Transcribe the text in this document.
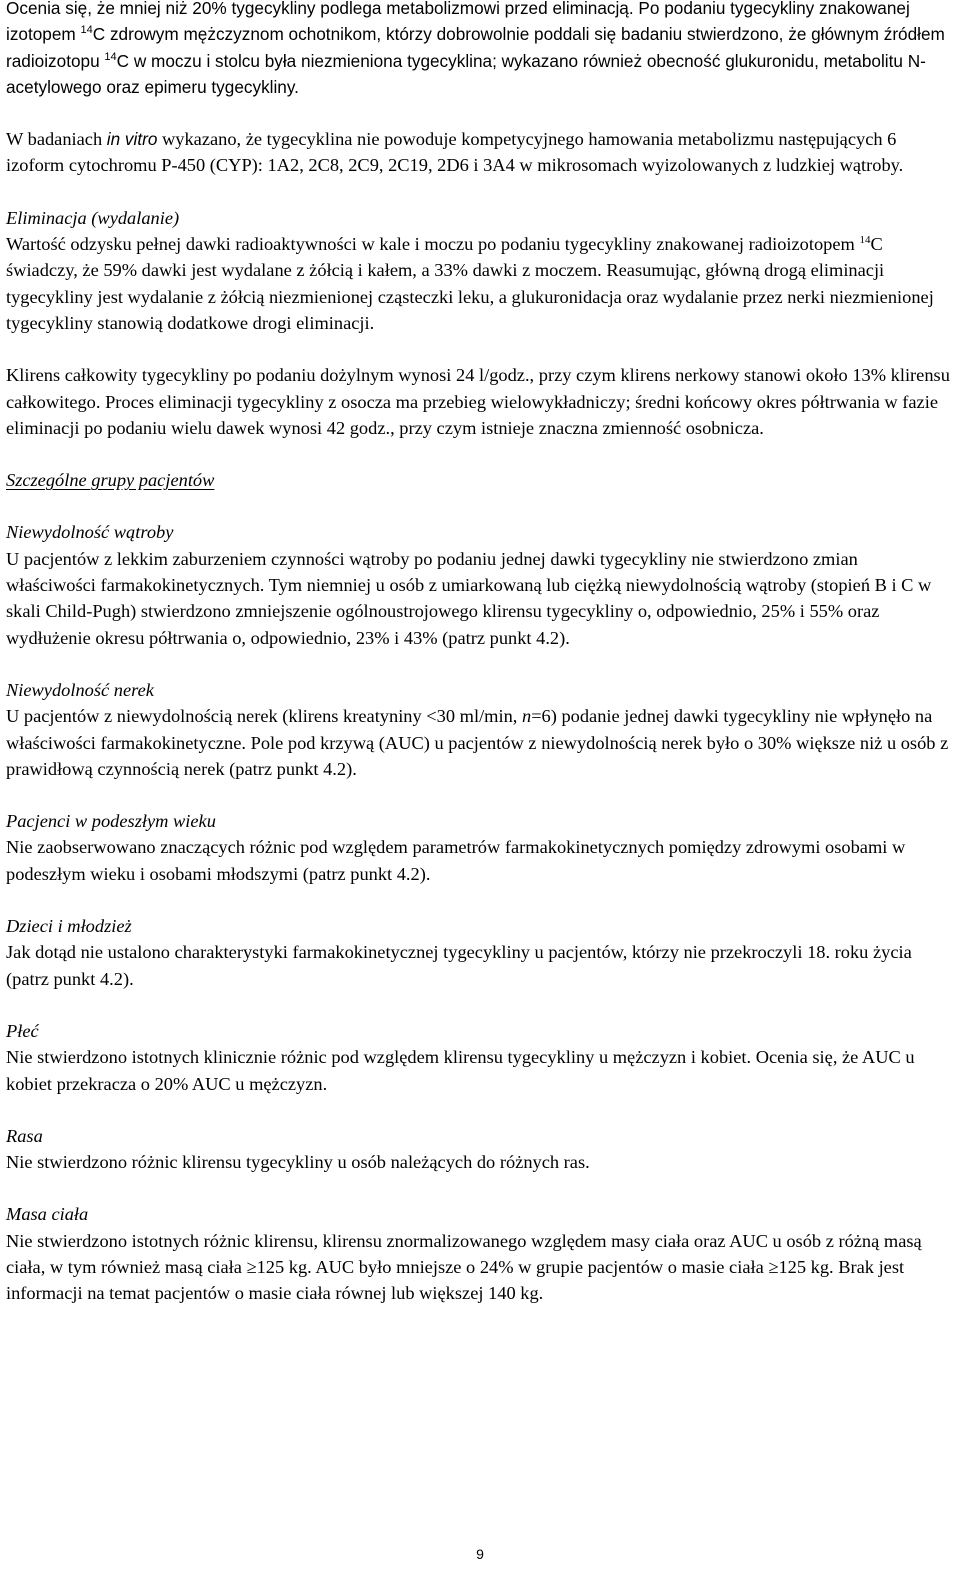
Ocenia się, że mniej niż 20% tygecykliny podlega metabolizmowi przed eliminacją. Po podaniu tygecykliny znakowanej izotopem $^{14}$C zdrowym mężczyznom ochotnikom, którzy dobrowolnie poddali się badaniu stwierdzono, że głównym źródłem radioizotopu $^{14}$C w moczu i stolcu była niezmieniona tygecyklina; wykazano również obecność glukuronidu, metabolitu N-acetylowego oraz epimeru tygecykliny.

W badaniach in vitro wykazano, że tygecyklina nie powoduje kompetycyjnego hamowania metabolizmu następujących 6 izoform cytochromu P-450 (CYP): 1A2, 2C8, 2C9, 2C19, 2D6 i 3A4 w mikrosomach wyizolowanych z ludzkiej wątroby.

Eliminacja (wydalanie)

Wartość odzysku pełnej dawki radioaktywności w kale i moczu po podaniu tygecykliny znakowanej radioizotopem $^{14}$C świadczy, że 59% dawki jest wydalane z żółcią i kałem, a 33% dawki z moczem. Reasumując, główną drogą eliminacji tygecykliny jest wydalanie z żółcią niezmienionej cząsteczki leku, a glukuronidacja oraz wydalanie przez nerki niezmienionej tygecykliny stanowią dodatkowe drogi eliminacji.

Klirens całkowity tygecykliny po podaniu dożylnym wynosi 24 l/godz., przy czym klirens nerkowy stanowi około 13% klirensu całkowitego. Proces eliminacji tygecykliny z osocza ma przebieg wielowykładniczy; średni końcowy okres półtrwania w fazie eliminacji po podaniu wielu dawek wynosi 42 godz., przy czym istnieje znaczna zmienność osobnicza.

Szczególne grupy pacjentów
Niewydolność wątroby

U pacjentów z lekkim zaburzeniem czynności wątroby po podaniu jednej dawki tygecykliny nie stwierdzono zmian właściwości farmakokinetycznych. Tym niemniej u osób z umiarkowaną lub ciężką niewydolnością wątroby (stopień B i C w skali Child-Pugh) stwierdzono zmniejszenie ogólnoustrojowego klirensu tygecykliny o, odpowiednio, 25% i 55% oraz wydłużenie okresu półtrwania o, odpowiednio, 23% i 43% (patrz punkt 4.2).

Niewydolność nerek

U pacjentów z niewydolnością nerek (klirens kreatyniny <30 ml/min, n=6) podanie jednej dawki tygecykliny nie wpłynęło na właściwości farmakokinetyczne. Pole pod krzywą (AUC) u pacjentów z niewydolnością nerek było o 30% większe niż u osób z prawidłową czynnością nerek (patrz punkt 4.2).

Pacjenci w podeszłym wieku

Nie zaobserwowano znaczących różnic pod względem parametrów farmakokinetycznych pomiędzy zdrowymi osobami w podeszłym wieku i osobami młodszymi (patrz punkt 4.2).

Dzieci i młodzież

Jak dotąd nie ustalono charakterystyki farmakokinetycznej tygecykliny u pacjentów, którzy nie przekroczyli 18. roku życia (patrz punkt 4.2).

Płeć

Nie stwierdzono istotnych klinicznie różnic pod względem klirensu tygecykliny u mężczyzn i kobiet. Ocenia się, że AUC u kobiet przekracza o 20% AUC u mężczyzn.

Rasa

Nie stwierdzono różnic klirensu tygecykliny u osób należących do różnych ras.

Masa ciała

Nie stwierdzono istotnych różnic klirensu, klirensu znormalizowanego względem masy ciała oraz AUC u osób z różną masą ciała, w tym również masą ciała ≥125 kg. AUC było mniejsze o 24% w grupie pacjentów o masie ciała ≥125 kg. Brak jest informacji na temat pacjentów o masie ciała równej lub większej 140 kg.

9
